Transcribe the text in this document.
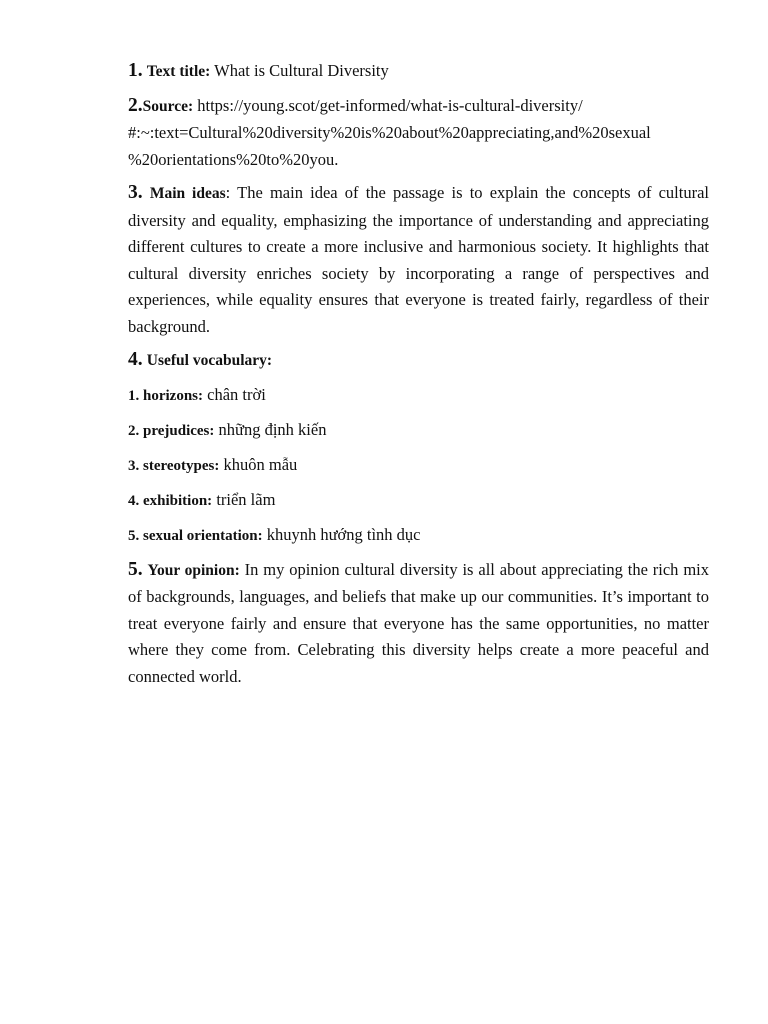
1. Text title: What is Cultural Diversity

2.Source: https://young.scot/get-informed/what-is-cultural-diversity/
#:~:text=Cultural%20diversity%20is%20about%20appreciating,and%20sexual
%20orientations%20to%20you.

3. Main ideas: The main idea of the passage is to explain the concepts of cultural diversity and equality, emphasizing the importance of understanding and appreciating different cultures to create a more inclusive and harmonious society. It highlights that cultural diversity enriches society by incorporating a range of perspectives and experiences, while equality ensures that everyone is treated fairly, regardless of their background.

4. Useful vocabulary:

1. horizons: chân trời

2. prejudices: những định kiến

3. stereotypes: khuôn mẫu

4. exhibition: triển lãm

5. sexual orientation: khuynh hướng tình dục

5. Your opinion: In my opinion cultural diversity is all about appreciating the rich mix of backgrounds, languages, and beliefs that make up our communities. It’s important to treat everyone fairly and ensure that everyone has the same opportunities, no matter where they come from. Celebrating this diversity helps create a more peaceful and connected world.
